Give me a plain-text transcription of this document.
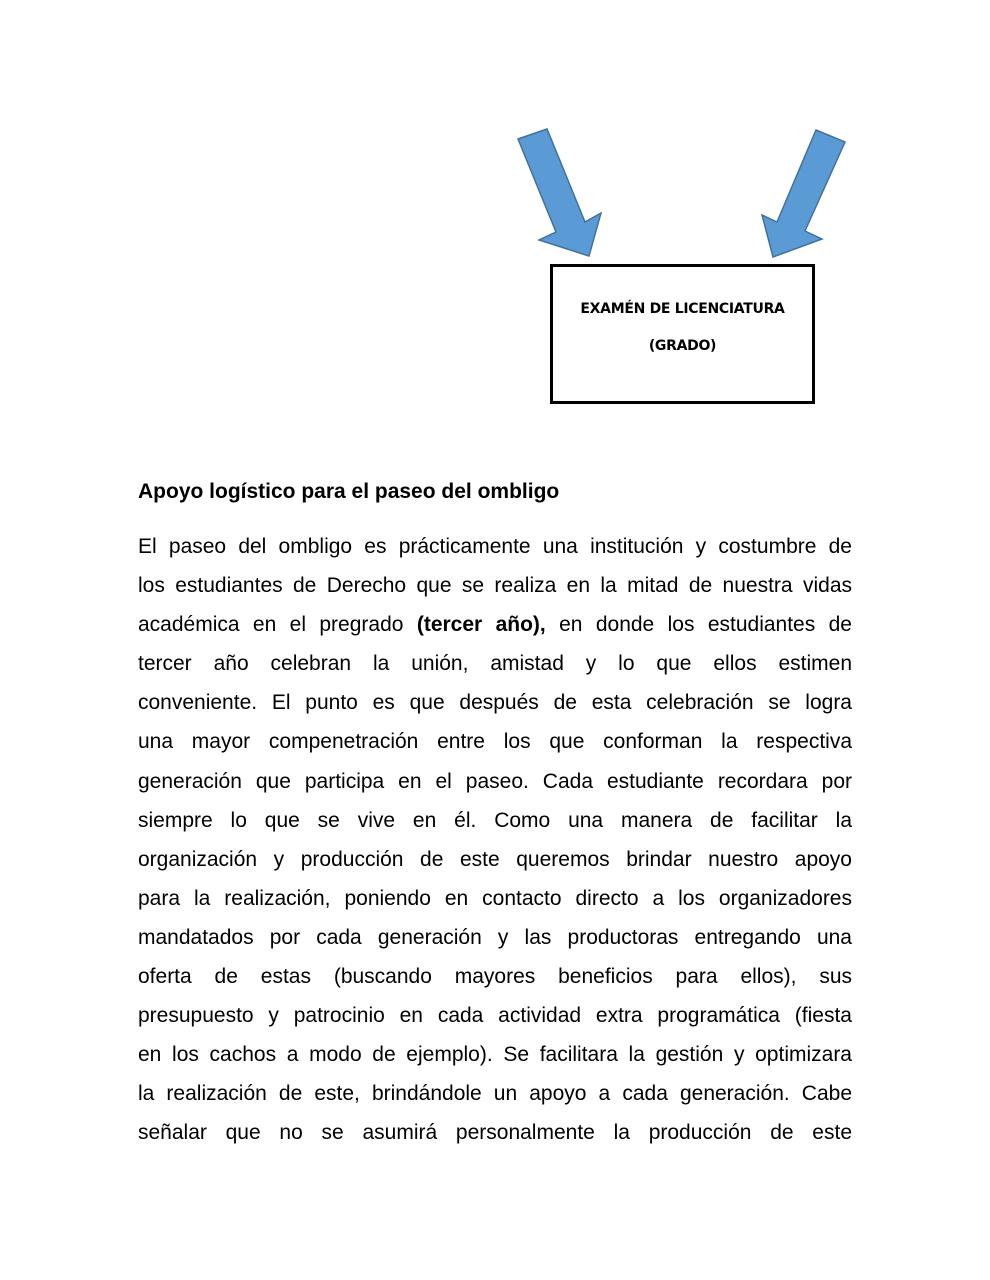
EXAMÉN DE LICENCIATURA
(GRADO)
Apoyo logístico para el paseo del ombligo
El paseo del ombligo es prácticamente una institución y costumbre de
los estudiantes de Derecho que se realiza en la mitad de nuestra vidas
académica en el pregrado (tercer año), en donde los estudiantes de
tercer año celebran la unión, amistad y lo que ellos estimen
conveniente. El punto es que después de esta celebración se logra
una mayor compenetración entre los que conforman la respectiva
generación que participa en el paseo. Cada estudiante recordara por
siempre lo que se vive en él. Como una manera de facilitar la
organización y producción de este queremos brindar nuestro apoyo
para la realización, poniendo en contacto directo a los organizadores
mandatados por cada generación y las productoras entregando una
oferta de estas (buscando mayores beneficios para ellos), sus
presupuesto y patrocinio en cada actividad extra programática (fiesta
en los cachos a modo de ejemplo). Se facilitara la gestión y optimizara
la realización de este, brindándole un apoyo a cada generación. Cabe
señalar que no se asumirá personalmente la producción de este
